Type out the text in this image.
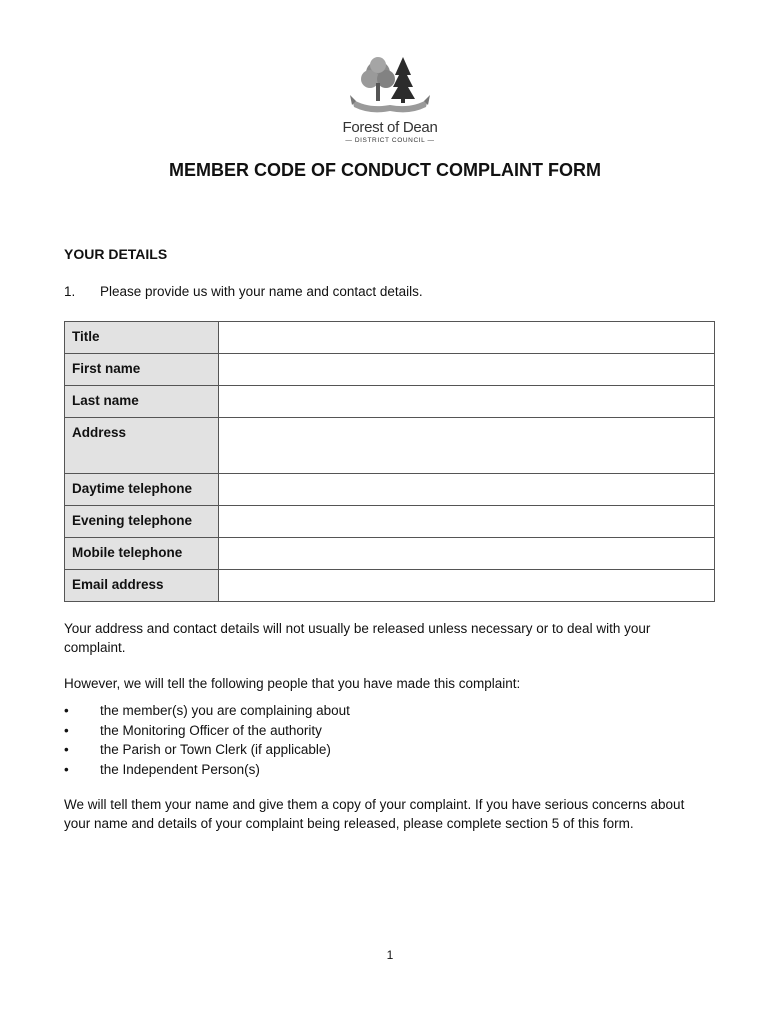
Forest of Dean
— DISTRICT COUNCIL —
MEMBER CODE OF CONDUCT COMPLAINT FORM
YOUR DETAILS
1. Please provide us with your name and contact details.
Title	
First name	
Last name	
Address	
Daytime telephone	
Evening telephone	
Mobile telephone	
Email address	
Your address and contact details will not usually be released unless necessary or to deal with your complaint.
However, we will tell the following people that you have made this complaint:
• the member(s) you are complaining about
• the Monitoring Officer of the authority
• the Parish or Town Clerk (if applicable)
• the Independent Person(s)
We will tell them your name and give them a copy of your complaint. If you have serious concerns about your name and details of your complaint being released, please complete section 5 of this form.
1
